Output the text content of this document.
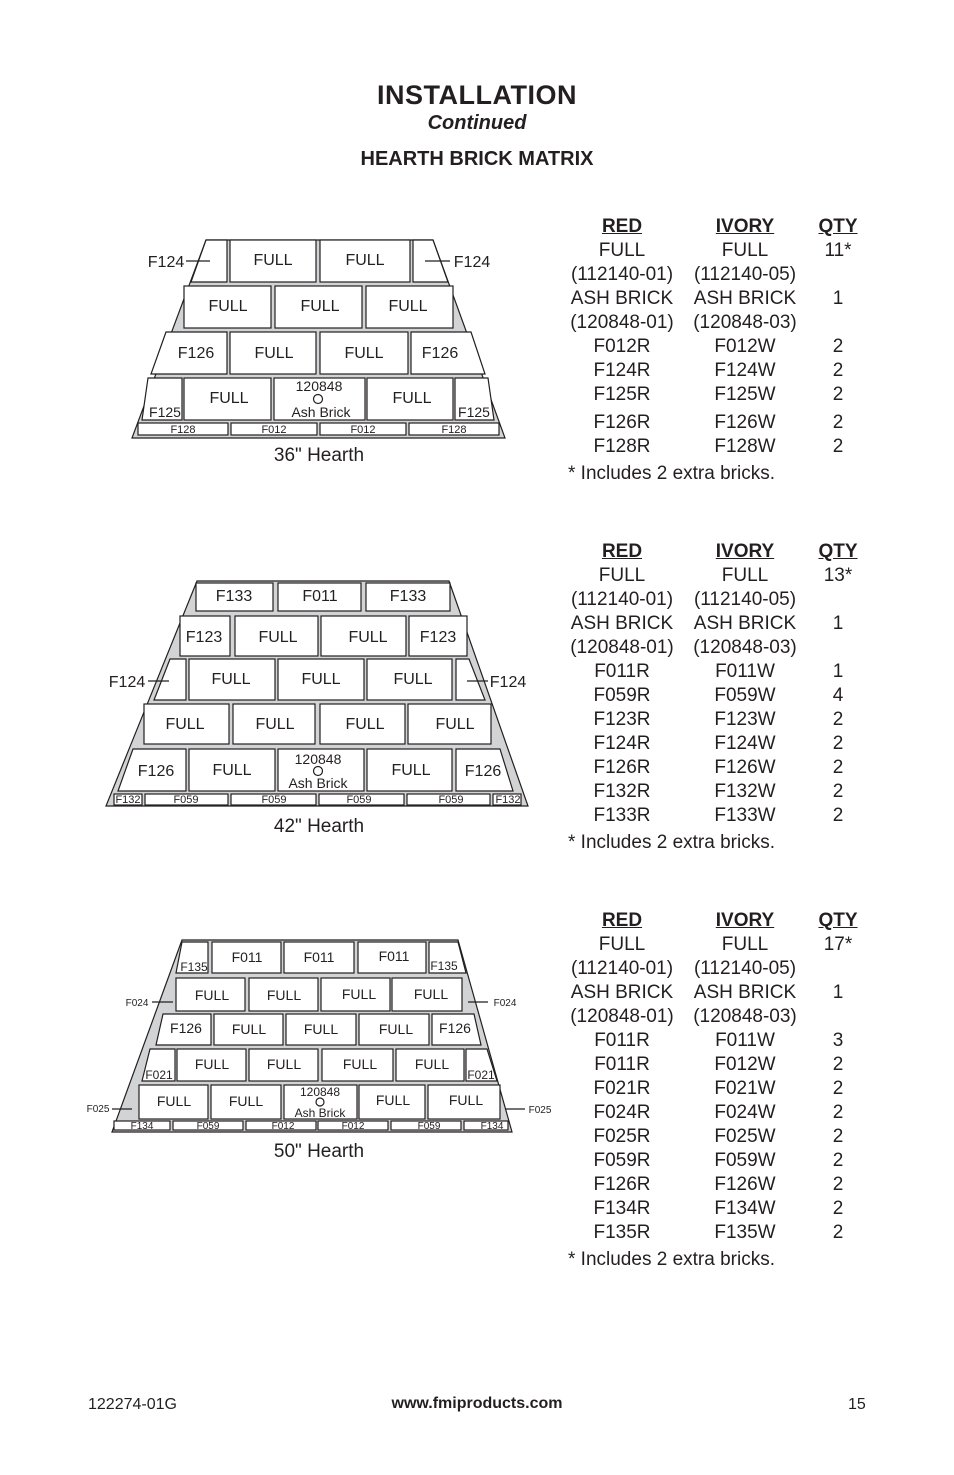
INSTALLATION
Continued
HEARTH BRICK MATRIX
FULL	FULL
FULL	FULL	FULL
F126	FULL	FULL F126
FULL	FULL
F124	F124
F125	F125
120848
Ash Brick
F128	F012	F012	F128
F133	F011	F133
F123 FULL	FULL F123
FULL	FULL	FULL
FULL	FULL	FULL	FULL
F126 FULL	FULL F126
F124	F124
120848
Ash Brick
F132	F059	F059	F059	F059	F132
F011	F011	F011
FULL	FULL	FULL	FULL
F126 FULL	FULL	FULL F126
FULL	FULL	FULL	FULL
FULL	FULL	FULL	FULL
F135	F135
F021	F021
120848
Ash Brick
F024	F024
F025	F025
F134	F059	F012	F012	F059	F134
36" Hearth
42" Hearth
50" Hearth
RED	IVORY	QTY
FULL	FULL	11*
(112140-01)	(112140-05)
ASH BRICK	ASH BRICK	1
(120848-01)	(120848-03)
F012R	F012W	2
F124R	F124W	2
F125R	F125W	2
F126R	F126W	2
F128R	F128W	2
* Includes 2 extra bricks.
RED	IVORY	QTY
FULL	FULL	13*
(112140-01)	(112140-05)
ASH BRICK	ASH BRICK	1
(120848-01)	(120848-03)
F011R	F011W	1
F059R	F059W	4
F123R	F123W	2
F124R	F124W	2
F126R	F126W	2
F132R	F132W	2
F133R	F133W	2
* Includes 2 extra bricks.
RED	IVORY	QTY
FULL	FULL	17*
(112140-01)	(112140-05)
ASH BRICK	ASH BRICK	1
(120848-01)	(120848-03)
F011R	F011W	3
F011R	F012W	2
F021R	F021W	2
F024R	F024W	2
F025R	F025W	2
F059R	F059W	2
F126R	F126W	2
F134R	F134W	2
F135R	F135W	2
* Includes 2 extra bricks.
122274-01G	www.fmiproducts.com	15
